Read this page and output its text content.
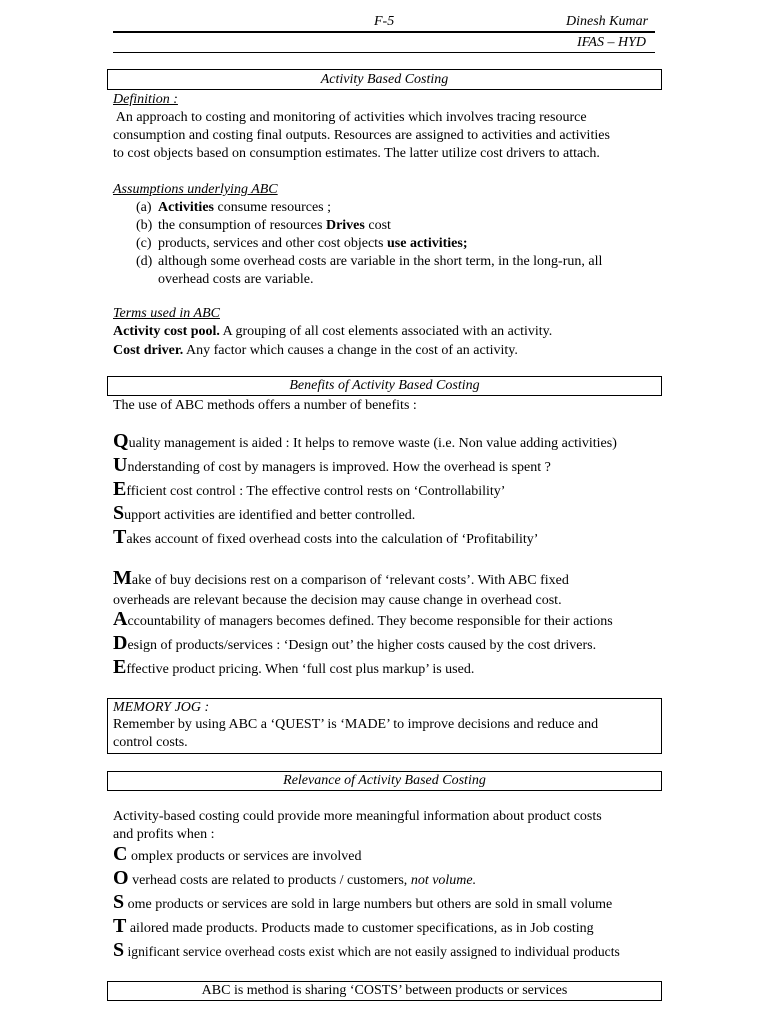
F-5	Dinesh Kumar
IFAS – HYD
Activity Based Costing
Definition :
An approach to costing and monitoring of activities which involves tracing resource
consumption and costing final outputs. Resources are assigned to activities and activities
to cost objects based on consumption estimates. The latter utilize cost drivers to attach.
Assumptions underlying ABC
(a) Activities consume resources ;
(b) the consumption of resources Drives cost
(c) products, services and other cost objects use activities;
(d) although some overhead costs are variable in the short term, in the long-run, all
overhead costs are variable.
Terms used in ABC
Activity cost pool. A grouping of all cost elements associated with an activity.
Cost driver. Any factor which causes a change in the cost of an activity.
Benefits of Activity Based Costing
The use of ABC methods offers a number of benefits :
Quality management is aided : It helps to remove waste (i.e. Non value adding activities)
Understanding of cost by managers is improved. How the overhead is spent ?
Efficient cost control : The effective control rests on ‘Controllability’
Support activities are identified and better controlled.
Takes account of fixed overhead costs into the calculation of ‘Profitability’
Make of buy decisions rest on a comparison of ‘relevant costs’. With ABC fixed
overheads are relevant because the decision may cause change in overhead cost.
Accountability of managers becomes defined. They become responsible for their actions
Design of products/services : ‘Design out’ the higher costs caused by the cost drivers.
Effective product pricing. When ‘full cost plus markup’ is used.
MEMORY JOG :
Remember by using ABC a ‘QUEST’ is ‘MADE’ to improve decisions and reduce and
control costs.
Relevance of Activity Based Costing
Activity-based costing could provide more meaningful information about product costs
and profits when :
C omplex products or services are involved
O verhead costs are related to products / customers, not volume.
S ome products or services are sold in large numbers but others are sold in small volume
T ailored made products. Products made to customer specifications, as in Job costing
S ignificant service overhead costs exist which are not easily assigned to individual products
ABC is method is sharing ‘COSTS’ between products or services
